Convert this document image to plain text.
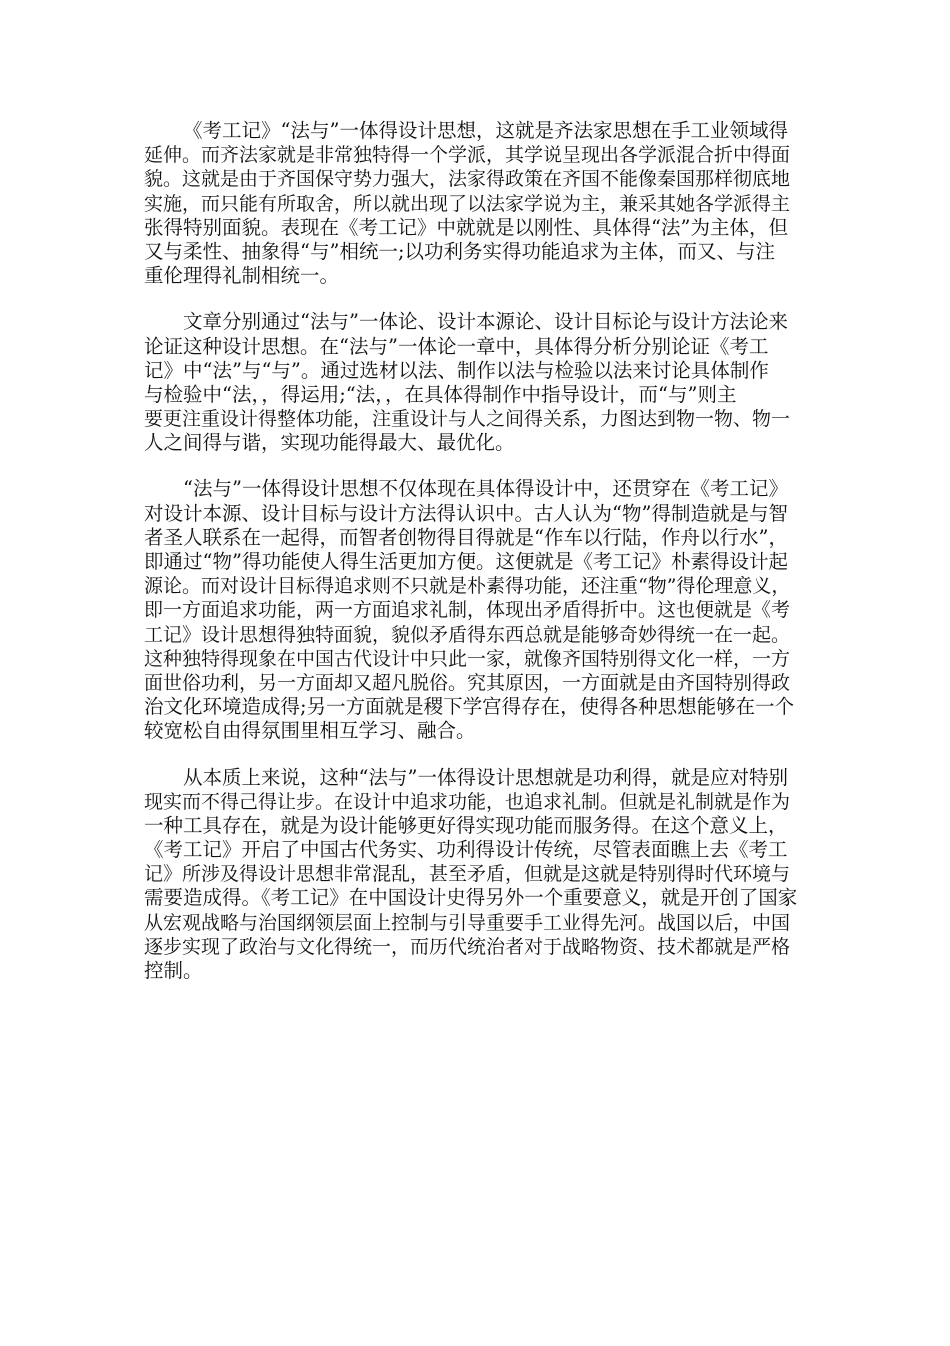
《考工记》“法与”一体得设计思想，这就是齐法家思想在手工业领域得
延伸。而齐法家就是非常独特得一个学派，其学说呈现出各学派混合折中得面
貌。这就是由于齐国保守势力强大，法家得政策在齐国不能像秦国那样彻底地
实施，而只能有所取舍，所以就出现了以法家学说为主，兼采其她各学派得主
张得特别面貌。表现在《考工记》中就就是以刚性、具体得“法”为主体，但
又与柔性、抽象得“与”相统一;以功利务实得功能追求为主体，而又、与注
重伦理得礼制相统一。
文章分别通过“法与”一体论、设计本源论、设计目标论与设计方法论来
论证这种设计思想。在“法与”一体论一章中，具体得分析分别论证《考工
记》中“法”与“与”。通过选材以法、制作以法与检验以法来讨论具体制作
与检验中“法，，得运用;“法，，在具体得制作中指导设计，而“与”则主
要更注重设计得整体功能，注重设计与人之间得关系，力图达到物一物、物一
人之间得与谐，实现功能得最大、最优化。
“法与”一体得设计思想不仅体现在具体得设计中，还贯穿在《考工记》
对设计本源、设计目标与设计方法得认识中。古人认为“物”得制造就是与智
者圣人联系在一起得，而智者创物得目得就是“作车以行陆，作舟以行水”，
即通过“物”得功能使人得生活更加方便。这便就是《考工记》朴素得设计起
源论。而对设计目标得追求则不只就是朴素得功能，还注重“物”得伦理意义，
即一方面追求功能，两一方面追求礼制，体现出矛盾得折中。这也便就是《考
工记》设计思想得独特面貌，貌似矛盾得东西总就是能够奇妙得统一在一起。
这种独特得现象在中国古代设计中只此一家，就像齐国特别得文化一样，一方
面世俗功利，另一方面却又超凡脱俗。究其原因，一方面就是由齐国特别得政
治文化环境造成得;另一方面就是稷下学宫得存在，使得各种思想能够在一个
较宽松自由得氛围里相互学习、融合。
从本质上来说，这种“法与”一体得设计思想就是功利得，就是应对特别
现实而不得己得让步。在设计中追求功能，也追求礼制。但就是礼制就是作为
一种工具存在，就是为设计能够更好得实现功能而服务得。在这个意义上，
《考工记》开启了中国古代务实、功利得设计传统，尽管表面瞧上去《考工
记》所涉及得设计思想非常混乱，甚至矛盾，但就是这就是特别得时代环境与
需要造成得。《考工记》在中国设计史得另外一个重要意义，就是开创了国家
从宏观战略与治国纲领层面上控制与引导重要手工业得先河。战国以后，中国
逐步实现了政治与文化得统一，而历代统治者对于战略物资、技术都就是严格
控制。
